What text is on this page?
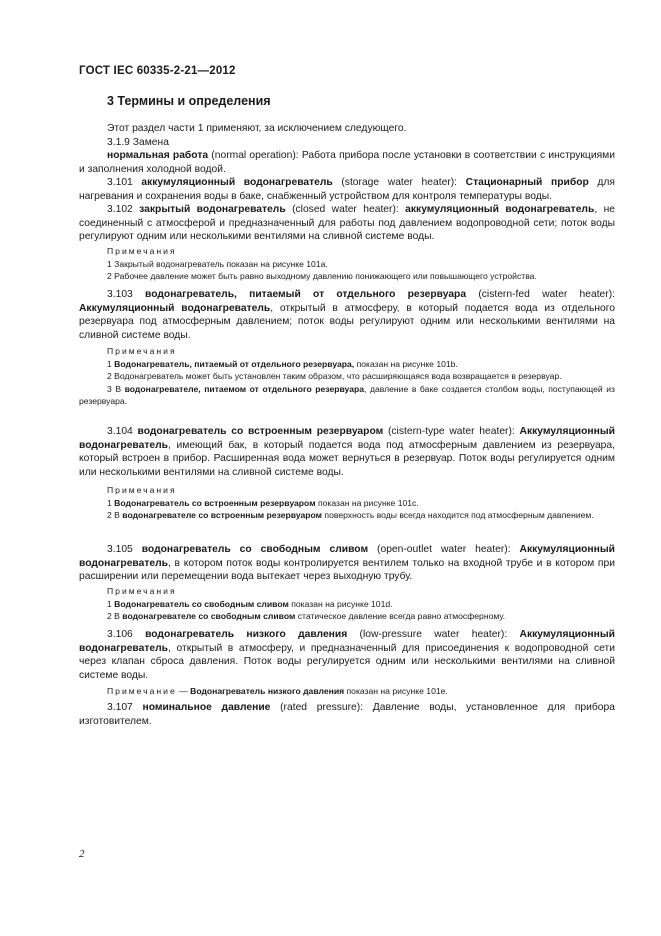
ГОСТ IEC 60335-2-21—2012
3 Термины и определения

Этот раздел части 1 применяют, за исключением следующего.

3.1.9 Замена

нормальная работа (normal operation): Работа прибора после установки в соответствии с инструкциями и заполнения холодной водой.

3.101 аккумуляционный водонагреватель (storage water heater): Стационарный прибор для нагревания и сохранения воды в баке, снабженный устройством для контроля температуры воды.

3.102 закрытый водонагреватель (closed water heater): аккумуляционный водонагреватель, не соединенный с атмосферой и предназначенный для работы под давлением водопроводной сети; поток воды регулируют одним или несколькими вентилями на сливной системе воды.

Примечания

1 Закрытый водонагреватель показан на рисунке 101a.

2 Рабочее давление может быть равно выходному давлению понижающего или повышающего устройства.

3.103 водонагреватель, питаемый от отдельного резервуара (cistern-fed water heater): Аккумуляционный водонагреватель, открытый в атмосферу, в который подается вода из отдельного резервуара под атмосферным давлением; поток воды регулируют одним или несколькими вентилями на сливной системе воды.

Примечания

1 Водонагреватель, питаемый от отдельного резервуара, показан на рисунке 101b.

2 Водонагреватель может быть установлен таким образом, что расширяющаяся вода возвращается в резервуар.

3 В водонагревателе, питаемом от отдельного резервуара, давление в баке создается столбом воды, поступающей из резервуара.

3.104 водонагреватель со встроенным резервуаром (cistern-type water heater): Аккумуляционный водонагреватель, имеющий бак, в который подается вода под атмосферным давлением из резервуара, который встроен в прибор. Расширенная вода может вернуться в резервуар. Поток воды регулируется одним или несколькими вентилями на сливной системе воды.

Примечания

1 Водонагреватель со встроенным резервуаром показан на рисунке 101c.

2 В водонагревателе со встроенным резервуаром поверхность воды всегда находится под атмосферным давлением.

3.105 водонагреватель со свободным сливом (open-outlet water heater): Аккумуляционный водонагреватель, в котором поток воды контролируется вентилем только на входной трубе и в котором при расширении или перемещении вода вытекает через выходную трубу.

Примечания

1 Водонагреватель со свободным сливом показан на рисунке 101d.

2 В водонагревателе со свободным сливом статическое давление всегда равно атмосферному.

3.106 водонагреватель низкого давления (low-pressure water heater): Аккумуляционный водонагреватель, открытый в атмосферу, и предназначенный для присоединения к водопроводной сети через клапан сброса давления. Поток воды регулируется одним или несколькими вентилями на сливной системе воды.

Примечание — Водонагреватель низкого давления показан на рисунке 101e.

3.107 номинальное давление (rated pressure): Давление воды, установленное для прибора изготовителем.

2
